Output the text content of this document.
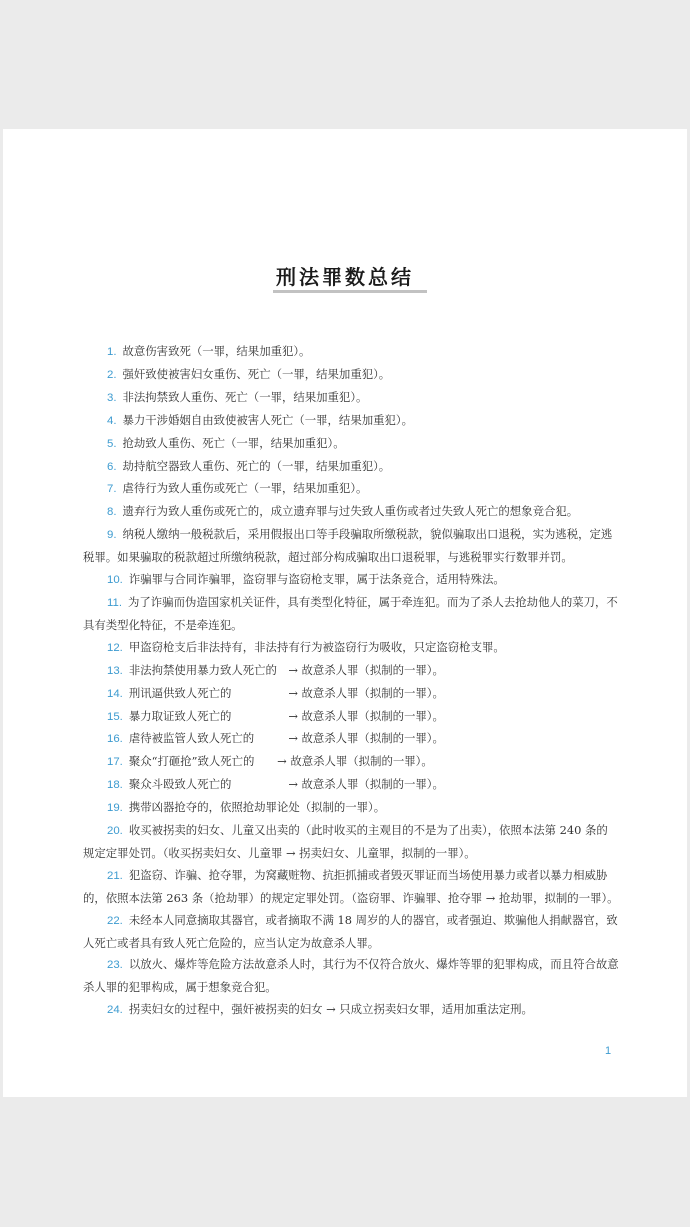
刑法罪数总结
1. 故意伤害致死（一罪，结果加重犯）。
2. 强奸致使被害妇女重伤、死亡（一罪，结果加重犯）。
3. 非法拘禁致人重伤、死亡（一罪，结果加重犯）。
4. 暴力干涉婚姻自由致使被害人死亡（一罪，结果加重犯）。
5. 抢劫致人重伤、死亡（一罪，结果加重犯）。
6. 劫持航空器致人重伤、死亡的（一罪，结果加重犯）。
7. 虐待行为致人重伤或死亡（一罪，结果加重犯）。
8. 遗弃行为致人重伤或死亡的，成立遗弃罪与过失致人重伤或者过失致人死亡的想象竞合犯。
9. 纳税人缴纳一般税款后，采用假报出口等手段骗取所缴税款，貌似骗取出口退税，实为逃税，定逃税罪。如果骗取的税款超过所缴纳税款，超过部分构成骗取出口退税罪，与逃税罪实行数罪并罚。
10. 诈骗罪与合同诈骗罪，盗窃罪与盗窃枪支罪，属于法条竞合，适用特殊法。
11. 为了诈骗而伪造国家机关证件，具有类型化特征，属于牵连犯。而为了杀人去抢劫他人的菜刀，不具有类型化特征，不是牵连犯。
12. 甲盗窃枪支后非法持有，非法持有行为被盗窃行为吸收，只定盗窃枪支罪。
13. 非法拘禁使用暴力致人死亡的　→ 故意杀人罪（拟制的一罪）。
14. 刑讯逼供致人死亡的　　　　　→ 故意杀人罪（拟制的一罪）。
15. 暴力取证致人死亡的　　　　　→ 故意杀人罪（拟制的一罪）。
16. 虐待被监管人致人死亡的　　　→ 故意杀人罪（拟制的一罪）。
17. 聚众“打砸抢”致人死亡的　　→ 故意杀人罪（拟制的一罪）。
18. 聚众斗殴致人死亡的　　　　　→ 故意杀人罪（拟制的一罪）。
19. 携带凶器抢夺的，依照抢劫罪论处（拟制的一罪）。
20. 收买被拐卖的妇女、儿童又出卖的（此时收买的主观目的不是为了出卖），依照本法第 240 条的规定定罪处罚。（收买拐卖妇女、儿童罪 → 拐卖妇女、儿童罪，拟制的一罪）。
21. 犯盗窃、诈骗、抢夺罪，为窝藏赃物、抗拒抓捕或者毁灭罪证而当场使用暴力或者以暴力相威胁的，依照本法第 263 条（抢劫罪）的规定定罪处罚。（盗窃罪、诈骗罪、抢夺罪 → 抢劫罪，拟制的一罪）。
22. 未经本人同意摘取其器官，或者摘取不满 18 周岁的人的器官，或者强迫、欺骗他人捐献器官，致人死亡或者具有致人死亡危险的，应当认定为故意杀人罪。
23. 以放火、爆炸等危险方法故意杀人时，其行为不仅符合放火、爆炸等罪的犯罪构成，而且符合故意杀人罪的犯罪构成，属于想象竞合犯。
24. 拐卖妇女的过程中，强奸被拐卖的妇女 → 只成立拐卖妇女罪，适用加重法定刑。
1
